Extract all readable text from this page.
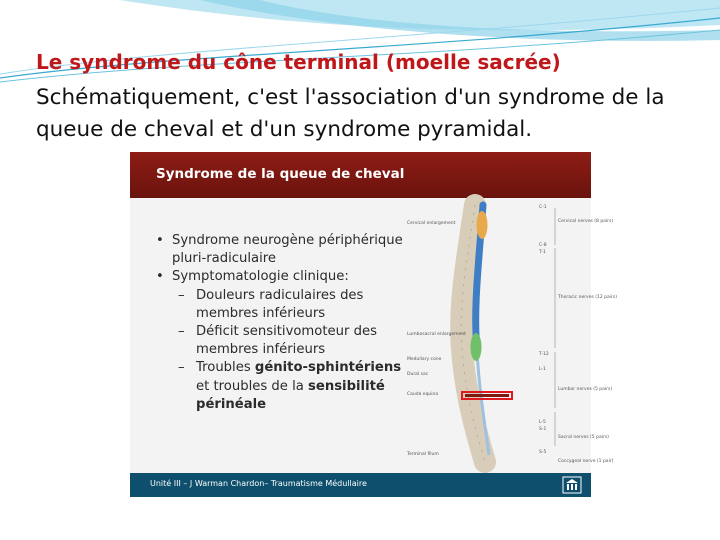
Le syndrome du cône terminal (moelle sacrée)

Schématiquement, c'est l'association d'un syndrome de la queue de cheval et d'un syndrome pyramidal.

Syndrome de la queue de cheval
• Syndrome neurogène périphérique pluri-radiculaire
• Symptomatologie clinique:
– Douleurs radiculaires des membres inférieurs
– Déficit sensitivomoteur des membres inférieurs
– Troubles génito-sphintériens et troubles de la sensibilité périnéale
Cervical enlargement
Lumbosacral enlargement
Medullary cone
Dural sac
Cauda equina
Terminal filum
C-1
C-8
T-1
T-12
L-1
L-5
S-1
S-5
Cervical nerves (8 pairs)
Thoracic nerves (12 pairs)
Lumbar nerves (5 pairs)
Sacral nerves (5 pairs)
Coccygeal nerve (1 pair)
Unité III – J Warman Chardon– Traumatisme Médullaire
